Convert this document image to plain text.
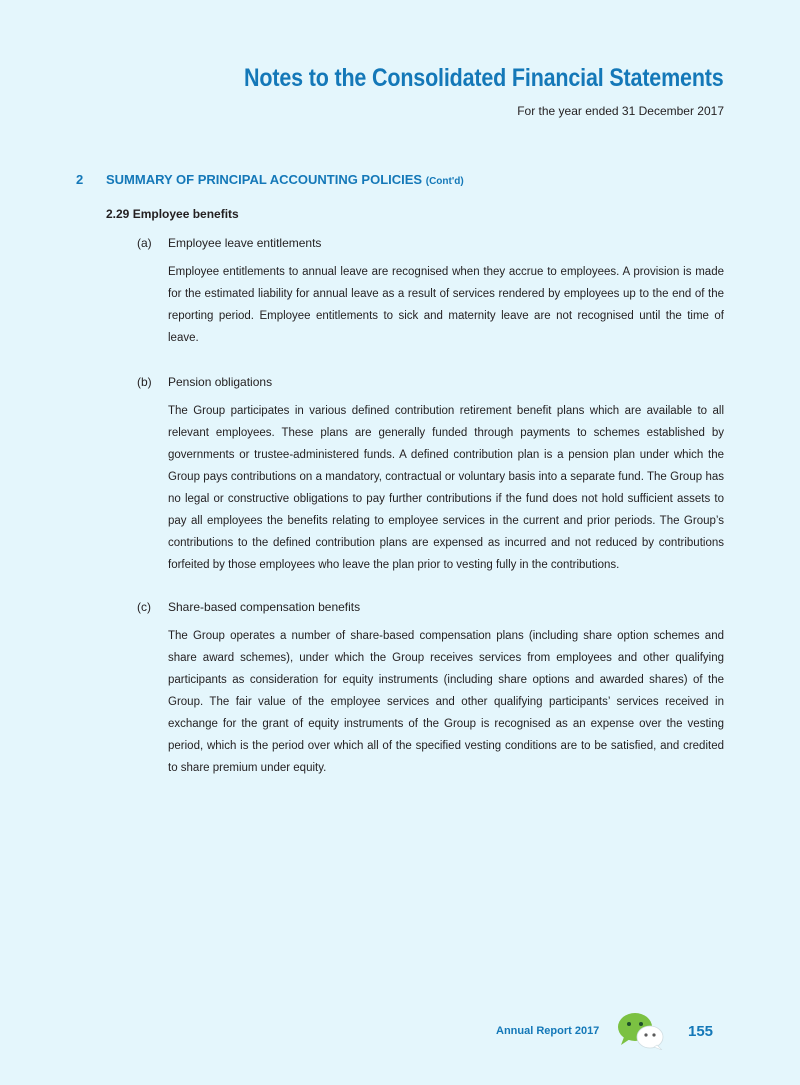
Notes to the Consolidated Financial Statements
For the year ended 31 December 2017
2 SUMMARY OF PRINCIPAL ACCOUNTING POLICIES (Cont'd)
2.29 Employee benefits
(a) Employee leave entitlements

Employee entitlements to annual leave are recognised when they accrue to employees. A provision is made for the estimated liability for annual leave as a result of services rendered by employees up to the end of the reporting period. Employee entitlements to sick and maternity leave are not recognised until the time of leave.

(b) Pension obligations

The Group participates in various defined contribution retirement benefit plans which are available to all relevant employees. These plans are generally funded through payments to schemes established by governments or trustee-administered funds. A defined contribution plan is a pension plan under which the Group pays contributions on a mandatory, contractual or voluntary basis into a separate fund. The Group has no legal or constructive obligations to pay further contributions if the fund does not hold sufficient assets to pay all employees the benefits relating to employee services in the current and prior periods. The Group’s contributions to the defined contribution plans are expensed as incurred and not reduced by contributions forfeited by those employees who leave the plan prior to vesting fully in the contributions.

(c) Share-based compensation benefits

The Group operates a number of share-based compensation plans (including share option schemes and share award schemes), under which the Group receives services from employees and other qualifying participants as consideration for equity instruments (including share options and awarded shares) of the Group. The fair value of the employee services and other qualifying participants’ services received in exchange for the grant of equity instruments of the Group is recognised as an expense over the vesting period, which is the period over which all of the specified vesting conditions are to be satisfied, and credited to share premium under equity.

Annual Report 2017	155
